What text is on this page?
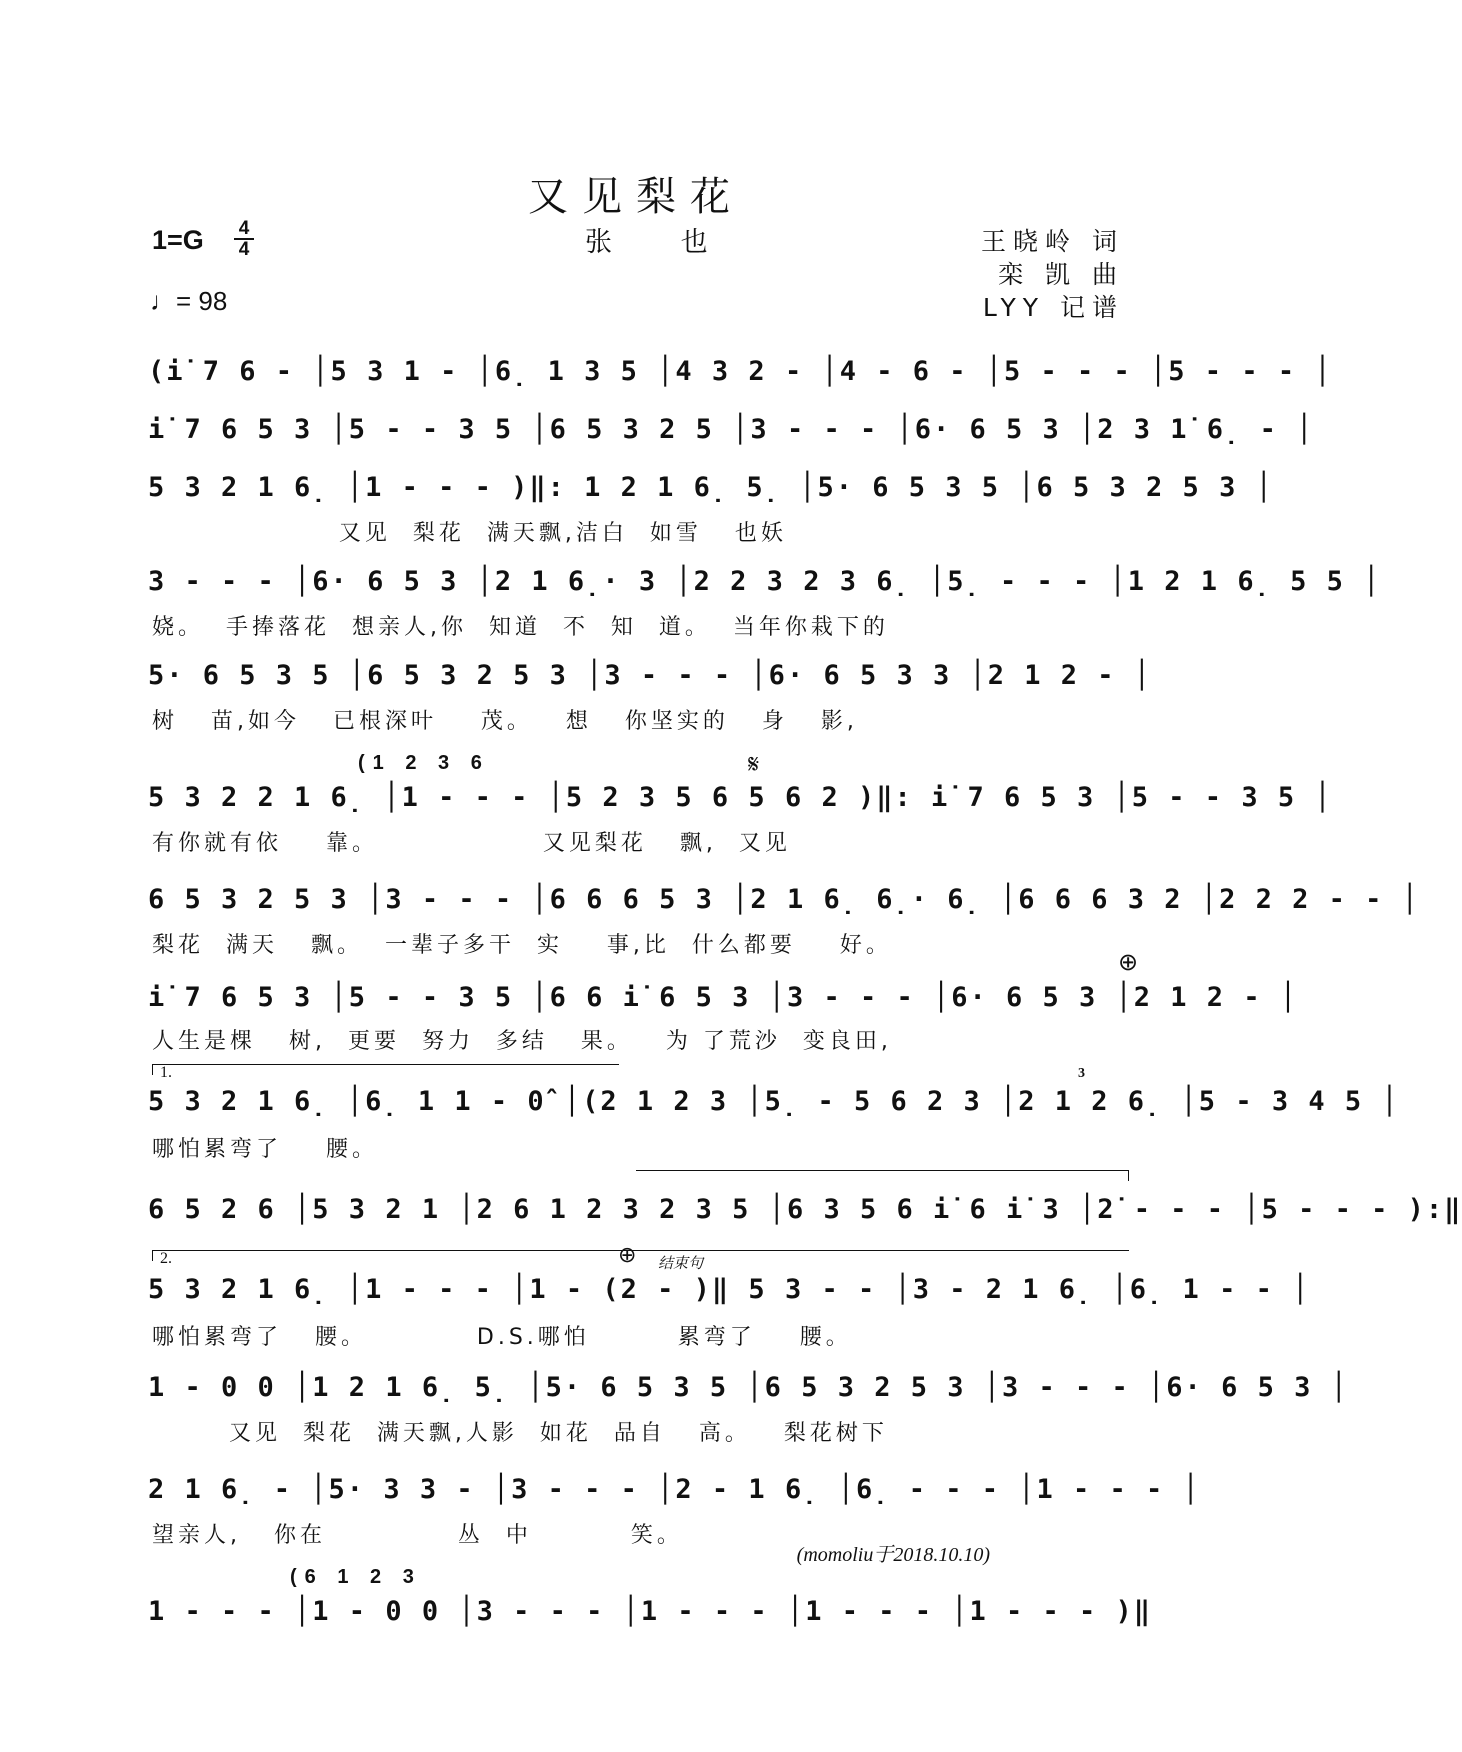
又见梨花
张 也
1=G 4
4
♩= 98
王晓岭 词
栾 凯 曲
LYY 记谱
(i̇ 7 6 - │5 3 1 - │6̣ 1 3 5 │4 3 2 - │4 - 6 - │5 - - - │5 - - - │
i̇ 7 6 5 3 │5 - - 3 5 │6 5 3 2 5 │3 - - - │6· 6 5 3 │2 3 1̇ 6̣ - │
5 3 2 1 6̣ │1 - - - )‖: 1 2 1 6̣ 5̣ │5· 6 5 3 5 │6 5 3 2 5 3 │
又见  梨花  满天飘,洁白  如雪   也妖
3 - - - │6· 6 5 3 │2 1 6̣· 3 │2 2 3 2 3 6̣ │5̣ - - - │1 2 1 6̣ 5 5 │
娆。  手捧落花  想亲人,你  知道  不  知  道。  当年你栽下的
5· 6 5 3 5 │6 5 3 2 5 3 │3 - - - │6· 6 5 3 3 │2 1 2 - │
树   苗,如今   已根深叶    茂。   想   你坚实的   身   影,
(1 2 3 6	𝄋
5 3 2 2 1 6̣ │1 - - - │5 2 3 5 6 5 6 2 )‖: i̇ 7 6 5 3 │5 - - 3 5 │
有你就有依    靠。               又见梨花   飘,  又见
6 5 3 2 5 3 │3 - - - │6 6 6 5 3 │2 1 6̣ 6̣· 6̣ │6 6 6 3 2 │2 2 2 - - │
梨花  满天   飘。  一辈子多干  实    事,比  什么都要    好。
⊕
i̇ 7 6 5 3 │5 - - 3 5 │6 6 i̇ 6 5 3 │3 - - - │6· 6 5 3 │2 1 2 - │
人生是棵   树,  更要  努力  多结   果。   为 了荒沙  变良田,
1.	3
5 3 2 1 6̣ │6̣ 1 1 - 0̂ │(2 1 2 3 │5̣ - 5 6 2 3 │2 1 2 6̣ │5 - 3 4 5 │
哪怕累弯了    腰。
6 5 2 6 │5 3 2 1 │2 6 1 2 3 2 3 5 │6 3 5 6 i̇ 6 i̇ 3 │2̇ - - - │5 - - - ):‖
2.	⊕ 结束句
5 3 2 1 6̣ │1 - - - │1 - (2 - )‖ 5 3 - - │3 - 2 1 6̣ │6̣ 1 - - │
哪怕累弯了   腰。          D.S.哪怕        累弯了    腰。
1 - 0 0 │1 2 1 6̣ 5̣ │5· 6 5 3 5 │6 5 3 2 5 3 │3 - - - │6· 6 5 3 │
又见  梨花  满天飘,人影  如花  品自   高。   梨花树下
2 1 6̣ - │5· 3 3 - │3 - - - │2 - 1 6̣ │6̣ - - - │1 - - - │
望亲人,   你在            丛  中         笑。
(momoliu于2018.10.10)
(6 1 2 3
1 - - - │1 - 0 0 │3 - - - │1 - - - │1 - - - │1 - - - )‖
